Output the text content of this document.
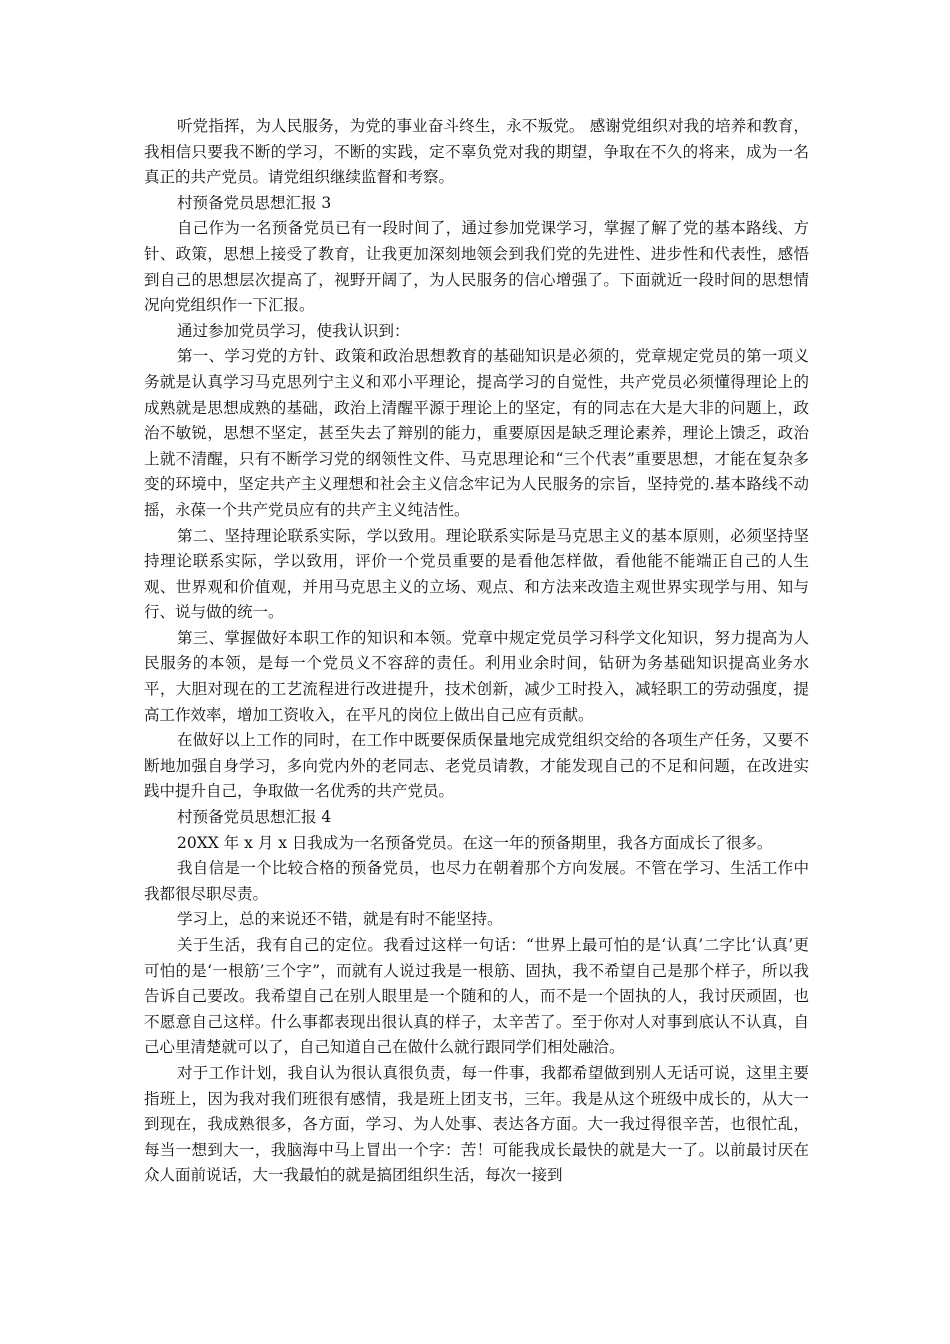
听党指挥，为人民服务，为党的事业奋斗终生，永不叛党。 感谢党组织对我的培养和教育，我相信只要我不断的学习，不断的实践，定不辜负党对我的期望，争取在不久的将来，成为一名真正的共产党员。请党组织继续监督和考察。

村预备党员思想汇报 3

自己作为一名预备党员已有一段时间了，通过参加党课学习，掌握了解了党的基本路线、方针、政策，思想上接受了教育，让我更加深刻地领会到我们党的先进性、进步性和代表性，感悟到自己的思想层次提高了，视野开阔了，为人民服务的信心增强了。下面就近一段时间的思想情况向党组织作一下汇报。

通过参加党员学习，使我认识到：

第一、学习党的方针、政策和政治思想教育的基础知识是必须的，党章规定党员的第一项义务就是认真学习马克思列宁主义和邓小平理论，提高学习的自觉性，共产党员必须懂得理论上的成熟就是思想成熟的基础，政治上清醒平源于理论上的坚定，有的同志在大是大非的问题上，政治不敏锐，思想不坚定，甚至失去了辩别的能力，重要原因是缺乏理论素养，理论上馈乏，政治上就不清醒，只有不断学习党的纲领性文件、马克思理论和“三个代表”重要思想，才能在复杂多变的环境中，坚定共产主义理想和社会主义信念牢记为人民服务的宗旨，坚持党的.基本路线不动摇，永葆一个共产党员应有的共产主义纯洁性。

第二、坚持理论联系实际，学以致用。理论联系实际是马克思主义的基本原则，必须坚持坚持理论联系实际，学以致用，评价一个党员重要的是看他怎样做，看他能不能端正自己的人生观、世界观和价值观，并用马克思主义的立场、观点、和方法来改造主观世界实现学与用、知与行、说与做的统一。

第三、掌握做好本职工作的知识和本领。党章中规定党员学习科学文化知识，努力提高为人民服务的本领，是每一个党员义不容辞的责任。利用业余时间，钻研为务基础知识提高业务水平，大胆对现在的工艺流程进行改进提升，技术创新，减少工时投入，减轻职工的劳动强度，提高工作效率，增加工资收入，在平凡的岗位上做出自己应有贡献。

在做好以上工作的同时，在工作中既要保质保量地完成党组织交给的各项生产任务，又要不断地加强自身学习，多向党内外的老同志、老党员请教，才能发现自己的不足和问题，在改进实践中提升自己，争取做一名优秀的共产党员。

村预备党员思想汇报 4

20XX 年 x 月 x 日我成为一名预备党员。在这一年的预备期里，我各方面成长了很多。

我自信是一个比较合格的预备党员，也尽力在朝着那个方向发展。不管在学习、生活工作中我都很尽职尽责。

学习上，总的来说还不错，就是有时不能坚持。

关于生活，我有自己的定位。我看过这样一句话：“世界上最可怕的是‘认真’二字比‘认真’更可怕的是‘一根筋’三个字”，而就有人说过我是一根筋、固执，我不希望自己是那个样子，所以我告诉自己要改。我希望自己在别人眼里是一个随和的人，而不是一个固执的人，我讨厌顽固，也不愿意自己这样。什么事都表现出很认真的样子，太辛苦了。至于你对人对事到底认不认真，自己心里清楚就可以了，自己知道自己在做什么就行跟同学们相处融洽。

对于工作计划，我自认为很认真很负责，每一件事，我都希望做到别人无话可说，这里主要指班上，因为我对我们班很有感情，我是班上团支书，三年。我是从这个班级中成长的，从大一到现在，我成熟很多，各方面，学习、为人处事、表达各方面。大一我过得很辛苦，也很忙乱，每当一想到大一，我脑海中马上冒出一个字：苦！可能我成长最快的就是大一了。以前最讨厌在众人面前说话，大一我最怕的就是搞团组织生活，每次一接到
